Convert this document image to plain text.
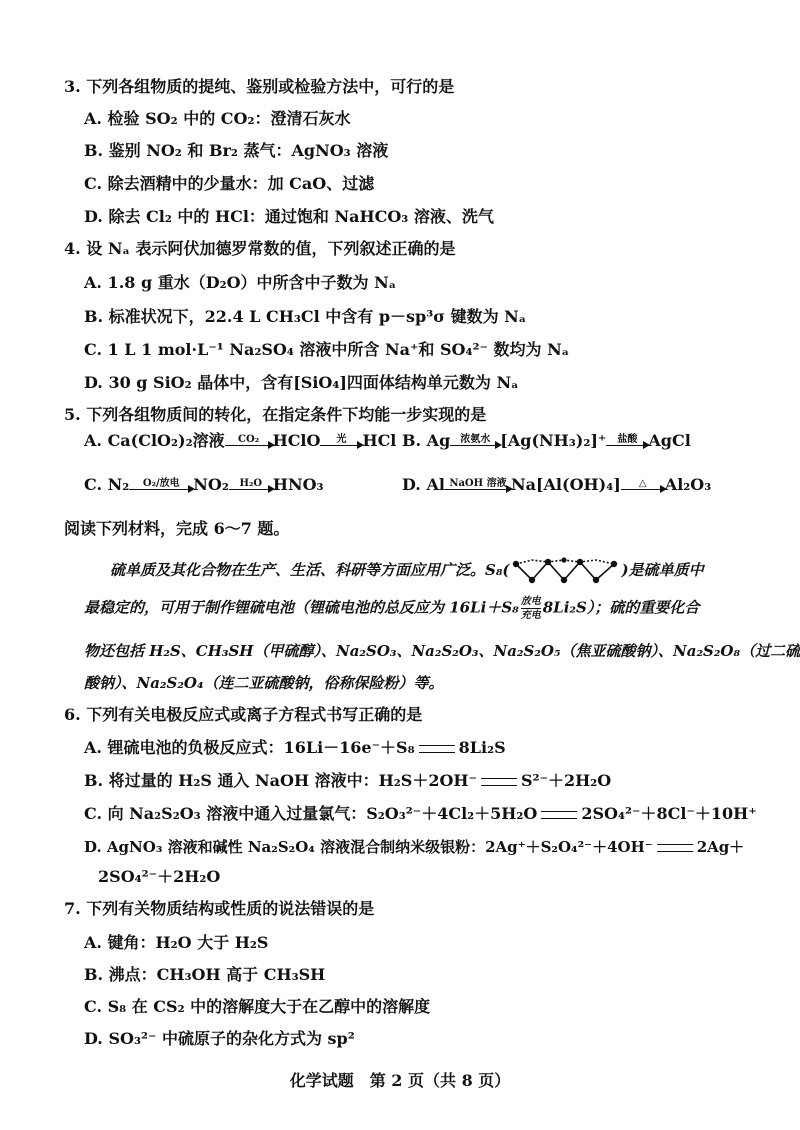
3. 下列各组物质的提纯、鉴别或检验方法中，可行的是
A. 检验 SO₂ 中的 CO₂：澄清石灰水
B. 鉴别 NO₂ 和 Br₂ 蒸气：AgNO₃ 溶液
C. 除去酒精中的少量水：加 CaO、过滤
D. 除去 Cl₂ 中的 HCl：通过饱和 NaHCO₃ 溶液、洗气
4. 设 Nₐ 表示阿伏加德罗常数的值，下列叙述正确的是
A. 1.8 g 重水（D₂O）中所含中子数为 Nₐ
B. 标准状况下，22.4 L CH₃Cl 中含有 p－sp³σ 键数为 Nₐ
C. 1 L 1 mol·L⁻¹ Na₂SO₄ 溶液中所含 Na⁺和 SO₄²⁻ 数均为 Nₐ
D. 30 g SiO₂ 晶体中，含有[SiO₄]四面体结构单元数为 Nₐ
5. 下列各组物质间的转化，在指定条件下均能一步实现的是
A. Ca(ClO₂)₂溶液	CO₂ HClO	光	HCl B. Ag	浓氨水 [Ag(NH₃)₂]⁺	盐酸 AgCl
C. N₂	O₂/放电 NO₂	H₂O HNO₃	D. Al NaOH 溶液 Na[Al(OH)₄]	△	Al₂O₃
阅读下列材料，完成 6～7 题。
硫单质及其化合物在生产、生活、科研等方面应用广泛。S₈(	)是硫单质中
最稳定的，可用于制作锂硫电池（锂硫电池的总反应为 16Li＋S₈ 放电
充电 8Li₂S）；硫的重要化合
物还包括 H₂S、CH₃SH（甲硫醇）、Na₂SO₃、Na₂S₂O₃、Na₂S₂O₅（焦亚硫酸钠）、Na₂S₂O₈（过二硫
酸钠）、Na₂S₂O₄（连二亚硫酸钠，俗称保险粉）等。
6. 下列有关电极反应式或离子方程式书写正确的是
A. 锂硫电池的负极反应式：16Li－16e⁻＋S₈	8Li₂S
B. 将过量的 H₂S 通入 NaOH 溶液中：H₂S＋2OH⁻	S²⁻＋2H₂O
C. 向 Na₂S₂O₃ 溶液中通入过量氯气：S₂O₃²⁻＋4Cl₂＋5H₂O	2SO₄²⁻＋8Cl⁻＋10H⁺
D. AgNO₃ 溶液和碱性 Na₂S₂O₄ 溶液混合制纳米级银粉：2Ag⁺＋S₂O₄²⁻＋4OH⁻	2Ag＋
2SO₄²⁻＋2H₂O
7. 下列有关物质结构或性质的说法错误的是
A. 键角：H₂O 大于 H₂S
B. 沸点：CH₃OH 高于 CH₃SH
C. S₈ 在 CS₂ 中的溶解度大于在乙醇中的溶解度
D. SO₃²⁻ 中硫原子的杂化方式为 sp²
化学试题　第 2 页（共 8 页）
